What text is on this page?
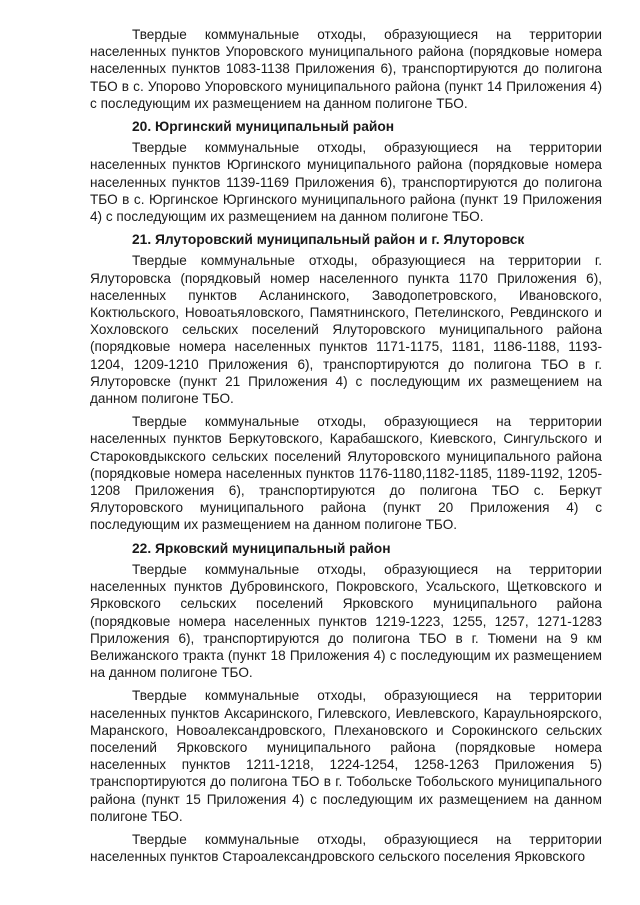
Твердые коммунальные отходы, образующиеся на территории населенных пунктов Упоровского муниципального района (порядковые номера населенных пунктов 1083-1138 Приложения 6), транспортируются до полигона ТБО в с. Упорово Упоровского муниципального района (пункт 14 Приложения 4) с последующим их размещением на данном полигоне ТБО.

20. Юргинский муниципальный район

Твердые коммунальные отходы, образующиеся на территории населенных пунктов Юргинского муниципального района (порядковые номера населенных пунктов 1139-1169 Приложения 6), транспортируются до полигона ТБО в с. Юргинское Юргинского муниципального района (пункт 19 Приложения 4) с последующим их размещением на данном полигоне ТБО.

21. Ялуторовский муниципальный район и г. Ялуторовск

Твердые коммунальные отходы, образующиеся на территории г. Ялуторовска (порядковый номер населенного пункта 1170 Приложения 6), населенных пунктов Асланинского, Заводопетровского, Ивановского, Коктюльского, Новоатьяловского, Памятнинского, Петелинского, Ревдинского и Хохловского сельских поселений Ялуторовского муниципального района (порядковые номера населенных пунктов 1171-1175, 1181, 1186-1188, 1193-1204, 1209-1210 Приложения 6), транспортируются до полигона ТБО в г. Ялуторовске (пункт 21 Приложения 4) с последующим их размещением на данном полигоне ТБО.

Твердые коммунальные отходы, образующиеся на территории населенных пунктов Беркутовского, Карабашского, Киевского, Сингульского и Староковдыкского сельских поселений Ялуторовского муниципального района (порядковые номера населенных пунктов 1176-1180,1182-1185, 1189-1192, 1205-1208 Приложения 6), транспортируются до полигона ТБО с. Беркут Ялуторовского муниципального района (пункт 20 Приложения 4) с последующим их размещением на данном полигоне ТБО.

22. Ярковский муниципальный район

Твердые коммунальные отходы, образующиеся на территории населенных пунктов Дубровинского, Покровского, Усальского, Щетковского и Ярковского сельских поселений Ярковского муниципального района (порядковые номера населенных пунктов 1219-1223, 1255, 1257, 1271-1283 Приложения 6), транспортируются до полигона ТБО в г. Тюмени на 9 км Велижанского тракта (пункт 18 Приложения 4) с последующим их размещением на данном полигоне ТБО.

Твердые коммунальные отходы, образующиеся на территории населенных пунктов Аксаринского, Гилевского, Иевлевского, Караульноярского, Маранского, Новоалександровского, Плехановского и Сорокинского сельских поселений Ярковского муниципального района (порядковые номера населенных пунктов 1211-1218, 1224-1254, 1258-1263 Приложения 5) транспортируются до полигона ТБО в г. Тобольске Тобольского муниципального района (пункт 15 Приложения 4) с последующим их размещением на данном полигоне ТБО.

Твердые коммунальные отходы, образующиеся на территории населенных пунктов Староалександровского сельского поселения Ярковского
